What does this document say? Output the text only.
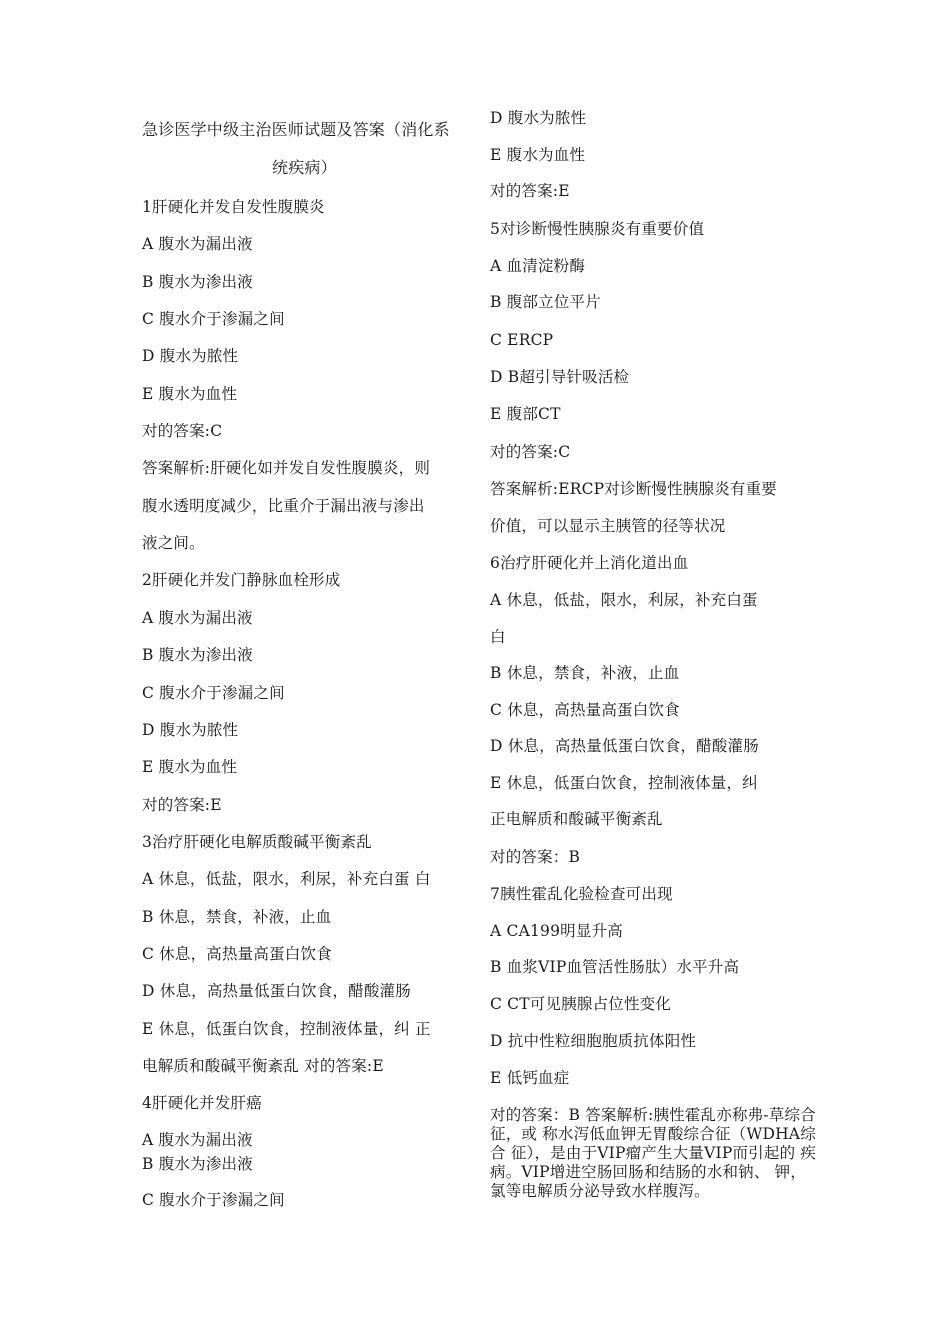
急诊医学中级主治医师试题及答案（消化系
统疾病）
1肝硬化并发自发性腹膜炎
A 腹水为漏出液
B 腹水为渗出液
C 腹水介于渗漏之间
D 腹水为脓性
E 腹水为血性
对的答案:C
答案解析:肝硬化如并发自发性腹膜炎，则
腹水透明度减少，比重介于漏出液与渗出
液之间。
2肝硬化并发门静脉血栓形成
A 腹水为漏出液
B 腹水为渗出液
C 腹水介于渗漏之间
D 腹水为脓性
E 腹水为血性
对的答案:E
3治疗肝硬化电解质酸碱平衡紊乱
A 休息，低盐，限水，利尿，补充白蛋 白
B 休息，禁食，补液，止血
C 休息，高热量高蛋白饮食
D 休息，高热量低蛋白饮食，醋酸灌肠
E 休息，低蛋白饮食，控制液体量，纠 正
电解质和酸碱平衡紊乱 对的答案:E
4肝硬化并发肝癌
A 腹水为漏出液
B 腹水为渗出液
C 腹水介于渗漏之间
D 腹水为脓性
E 腹水为血性
对的答案:E
5对诊断慢性胰腺炎有重要价值
A 血清淀粉酶
B 腹部立位平片
C ERCP
D B超引导针吸活检
E 腹部CT
对的答案:C
答案解析:ERCP对诊断慢性胰腺炎有重要
价值，可以显示主胰管的径等状况
6治疗肝硬化并上消化道出血
A 休息，低盐，限水，利尿，补充白蛋
白
B 休息，禁食，补液，止血
C 休息，高热量高蛋白饮食
D 休息，高热量低蛋白饮食，醋酸灌肠
E 休息，低蛋白饮食，控制液体量，纠
正电解质和酸碱平衡紊乱
对的答案：B
7胰性霍乱化验检查可出现
A CA199明显升高
B 血浆VIP血管活性肠肽）水平升高
C CT可见胰腺占位性变化
D 抗中性粒细胞胞质抗体阳性
E 低钙血症
对的答案：B 答案解析:胰性霍乱亦称弗-草综合征，或 称水泻低血钾无胃酸综合征（WDHA综合 征），是由于VIP瘤产生大量VIP而引起的 疾病。VIP增进空肠回肠和结肠的水和钠、 钾，氯等电解质分泌导致水样腹泻。
